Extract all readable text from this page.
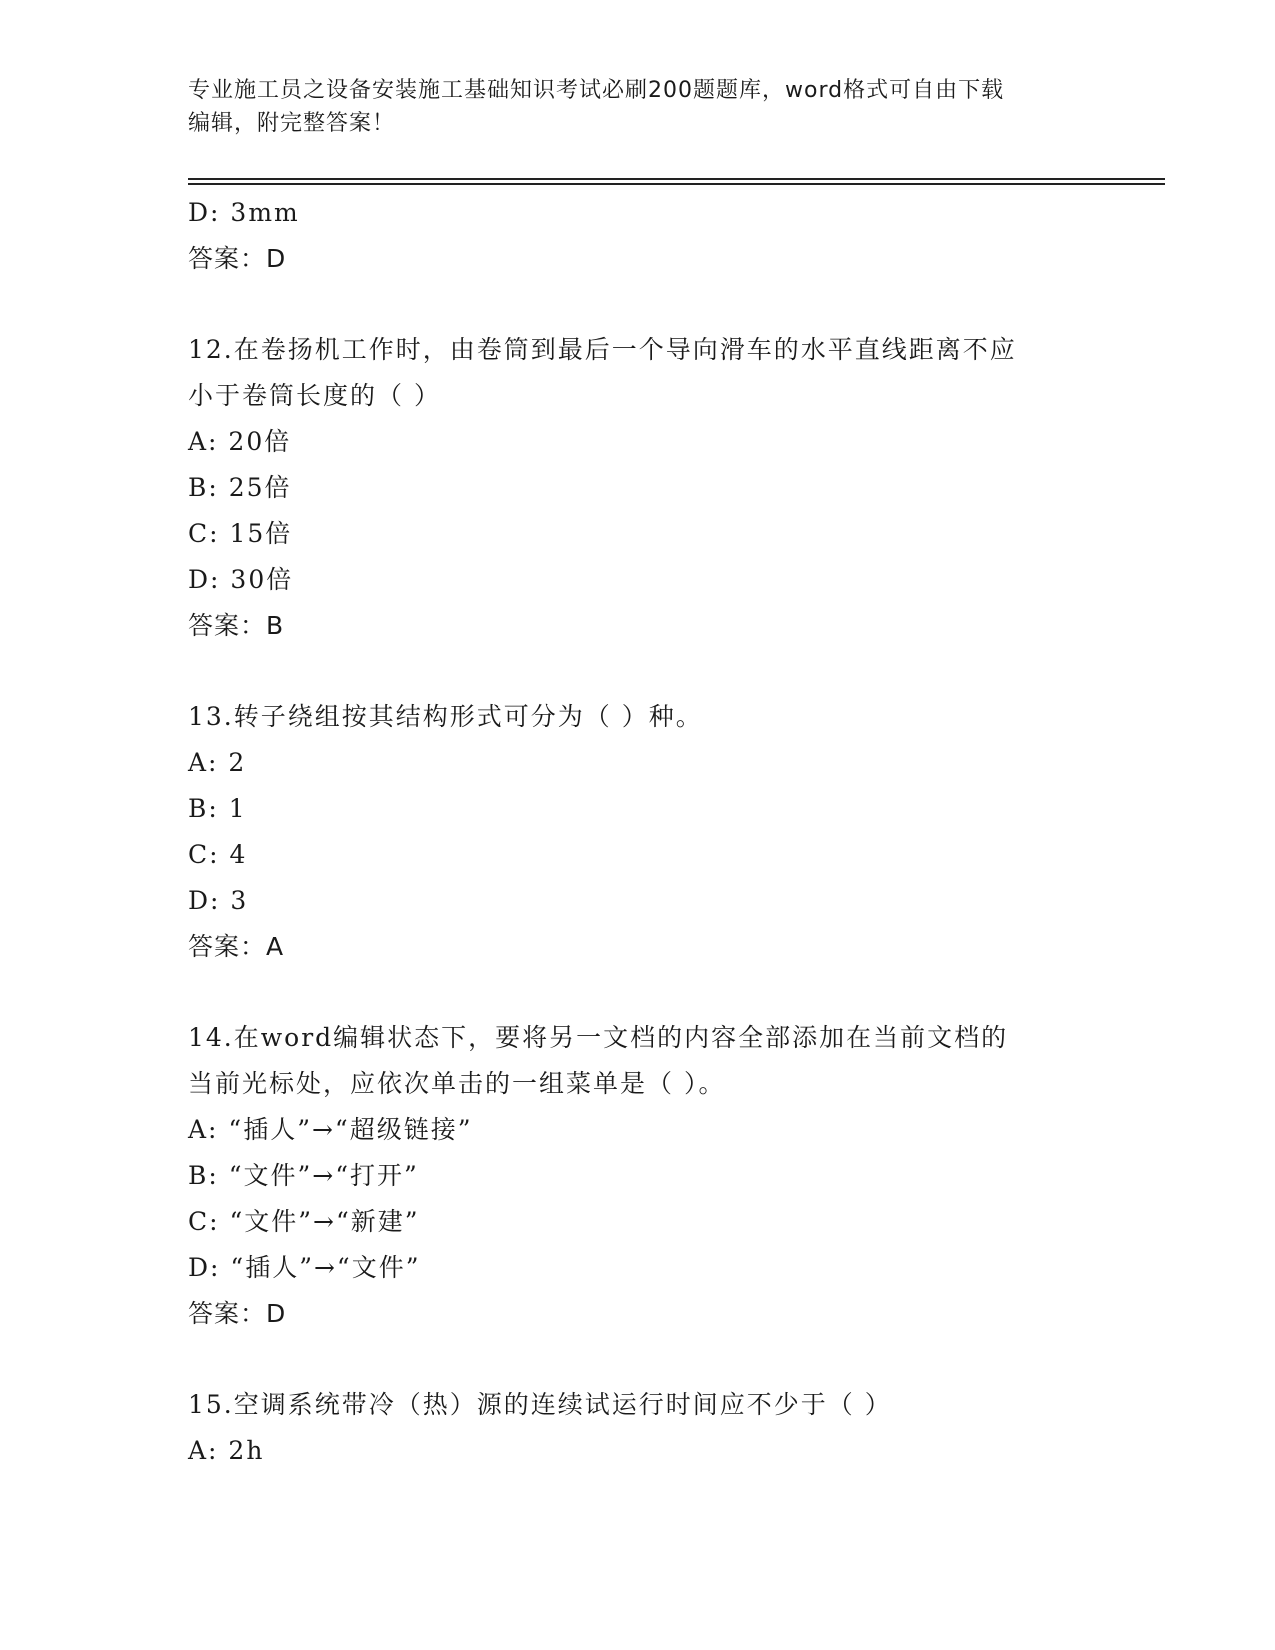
专业施工员之设备安装施工基础知识考试必刷200题题库，word格式可自由下载
编辑，附完整答案！
D: 3mm
答案：D
12.在卷扬机工作时，由卷筒到最后一个导向滑车的水平直线距离不应
小于卷筒长度的（ ）
A: 20倍
B: 25倍
C: 15倍
D: 30倍
答案：B
13.转子绕组按其结构形式可分为（ ）种。
A: 2
B: 1
C: 4
D: 3
答案：A
14.在word编辑状态下，要将另一文档的内容全部添加在当前文档的
当前光标处，应依次单击的一组菜单是（ ）。
A: “插人”→“超级链接”
B: “文件”→“打开”
C: “文件”→“新建”
D: “插人”→“文件”
答案：D
15.空调系统带冷（热）源的连续试运行时间应不少于（ ）
A: 2h
